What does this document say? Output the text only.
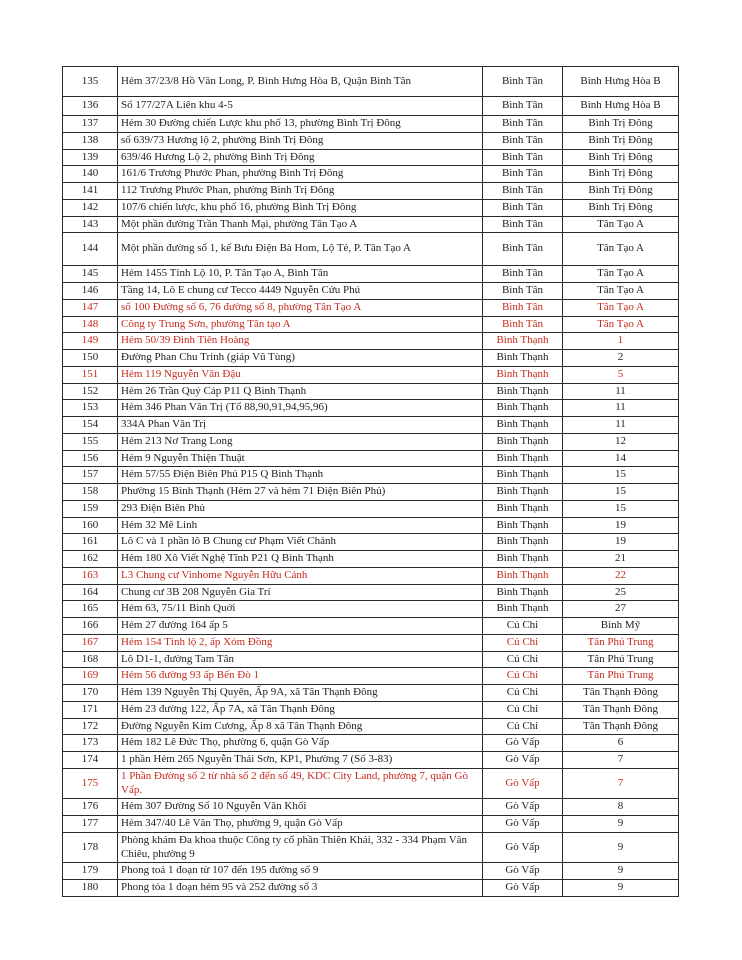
135	Hẻm 37/23/8 Hồ Văn Long, P. Bình Hưng Hòa B, Quận Bình Tân	Bình Tân	Bình Hưng Hòa B
136	Số 177/27A Liên khu 4-5	Bình Tân	Bình Hưng Hòa B
137	Hẻm 30 Đường chiến Lược khu phố 13, phường Bình Trị Đông	Bình Tân	Bình Trị Đông
138	số 639/73 Hương lộ 2, phường Bình Trị Đông	Bình Tân	Bình Trị Đông
139	639/46 Hương Lộ 2, phường Bình Trị Đông	Bình Tân	Bình Trị Đông
140	161/6 Trương Phước Phan, phường Bình Trị Đông	Bình Tân	Bình Trị Đông
141	112 Trương Phước Phan, phường Bình Trị Đông	Bình Tân	Bình Trị Đông
142	107/6 chiến lược, khu phố 16, phường Bình Trị Đông	Bình Tân	Bình Trị Đông
143	Một phần đường Trần Thanh Mại, phường Tân Tạo A	Bình Tân	Tân Tạo A
144	Một phần đường số 1, kế Bưu Điện Bà Hom, Lộ Tẻ, P. Tân Tạo A	Bình Tân	Tân Tạo A
145	Hẻm 1455 Tỉnh Lộ 10, P. Tân Tạo A, Bình Tân	Bình Tân	Tân Tạo A
146	Tầng 14, Lô E chung cư Tecco 4449 Nguyễn Cửu Phú	Bình Tân	Tân Tạo A
147	số 100 Đường số 6, 76 đường số 8, phường Tân Tạo A	Bình Tân	Tân Tạo A
148	Công ty Trung Sơn, phường Tân tạo A	Bình Tân	Tân Tạo A
149	Hẻm 50/39 Đinh Tiên Hoàng	Bình Thạnh	1
150	Đường Phan Chu Trinh (giáp Vũ Tùng)	Bình Thạnh	2
151	Hẻm 119 Nguyễn Văn Đậu	Bình Thạnh	5
152	Hẻm 26 Trần Quý Cáp P11 Q Bình Thạnh	Bình Thạnh	11
153	Hẻm 346 Phan Văn Trị (Tổ 88,90,91,94,95,96)	Bình Thạnh	11
154	334A Phan Văn Trị	Bình Thạnh	11
155	Hẻm 213 Nơ Trang Long	Bình Thạnh	12
156	Hẻm 9 Nguyễn Thiện Thuật	Bình Thạnh	14
157	Hẻm 57/55 Điện Biên Phủ P15 Q Bình Thạnh	Bình Thạnh	15
158	Phường 15 Bình Thạnh (Hẻm 27 và hẻm 71 Điện Biên Phủ)	Bình Thạnh	15
159	293 Điện Biên Phủ	Bình Thạnh	15
160	Hẻm 32 Mê Linh	Bình Thạnh	19
161	Lô C và 1 phần lô B Chung cư Phạm Viết Chánh	Bình Thạnh	19
162	Hẻm 180 Xô Viết Nghệ Tĩnh P21 Q Bình Thạnh	Bình Thạnh	21
163	L3 Chung cư Vinhome Nguyễn Hữu Cảnh	Bình Thạnh	22
164	Chung cư 3B 208 Nguyễn Gia Trí	Bình Thạnh	25
165	Hẻm 63, 75/11 Bình Quới	Bình Thạnh	27
166	Hẻm 27 đường 164 ấp 5	Củ Chi	Bình Mỹ
167	Hẻm 154 Tỉnh lộ 2, ấp Xóm Đồng	Củ Chi	Tân Phú Trung
168	Lô D1-1, đường Tam Tân	Củ Chi	Tân Phú Trung
169	Hẻm 56 đường 93 ấp Bến Đò 1	Củ Chi	Tân Phú Trung
170	Hẻm 139 Nguyễn Thị Quyên, Ấp 9A, xã Tân Thạnh Đông	Củ Chi	Tân Thạnh Đông
171	Hẻm 23 đường 122, Ấp 7A, xã Tân Thạnh Đông	Củ Chi	Tân Thạnh Đông
172	Đường Nguyễn Kim Cương, Ấp 8 xã Tân Thạnh Đông	Củ Chi	Tân Thạnh Đông
173	Hẻm 182 Lê Đức Thọ, phường 6, quận Gò Vấp	Gò Vấp	6
174	1 phần Hẻm 265 Nguyễn Thái Sơn, KP1, Phường 7 (Số 3-83)	Gò Vấp	7
175	1 Phần Đường số 2 từ nhà số 2 đến số 49, KDC City Land, phường 7, quận Gò Vấp.	Gò Vấp	7
176	Hẻm 307 Đường Số 10 Nguyễn Văn Khối	Gò Vấp	8
177	Hẻm 347/40 Lê Văn Thọ, phường 9, quận Gò Vấp	Gò Vấp	9
178	Phòng khám Đa khoa thuộc Công ty cổ phần Thiên Khải, 332 - 334 Phạm Văn Chiêu, phường 9	Gò Vấp	9
179	Phong toả 1 đoạn từ 107 đến 195 đường số 9	Gò Vấp	9
180	Phong tỏa 1 đoạn hẻm 95 và 252 đường số 3	Gò Vấp	9
